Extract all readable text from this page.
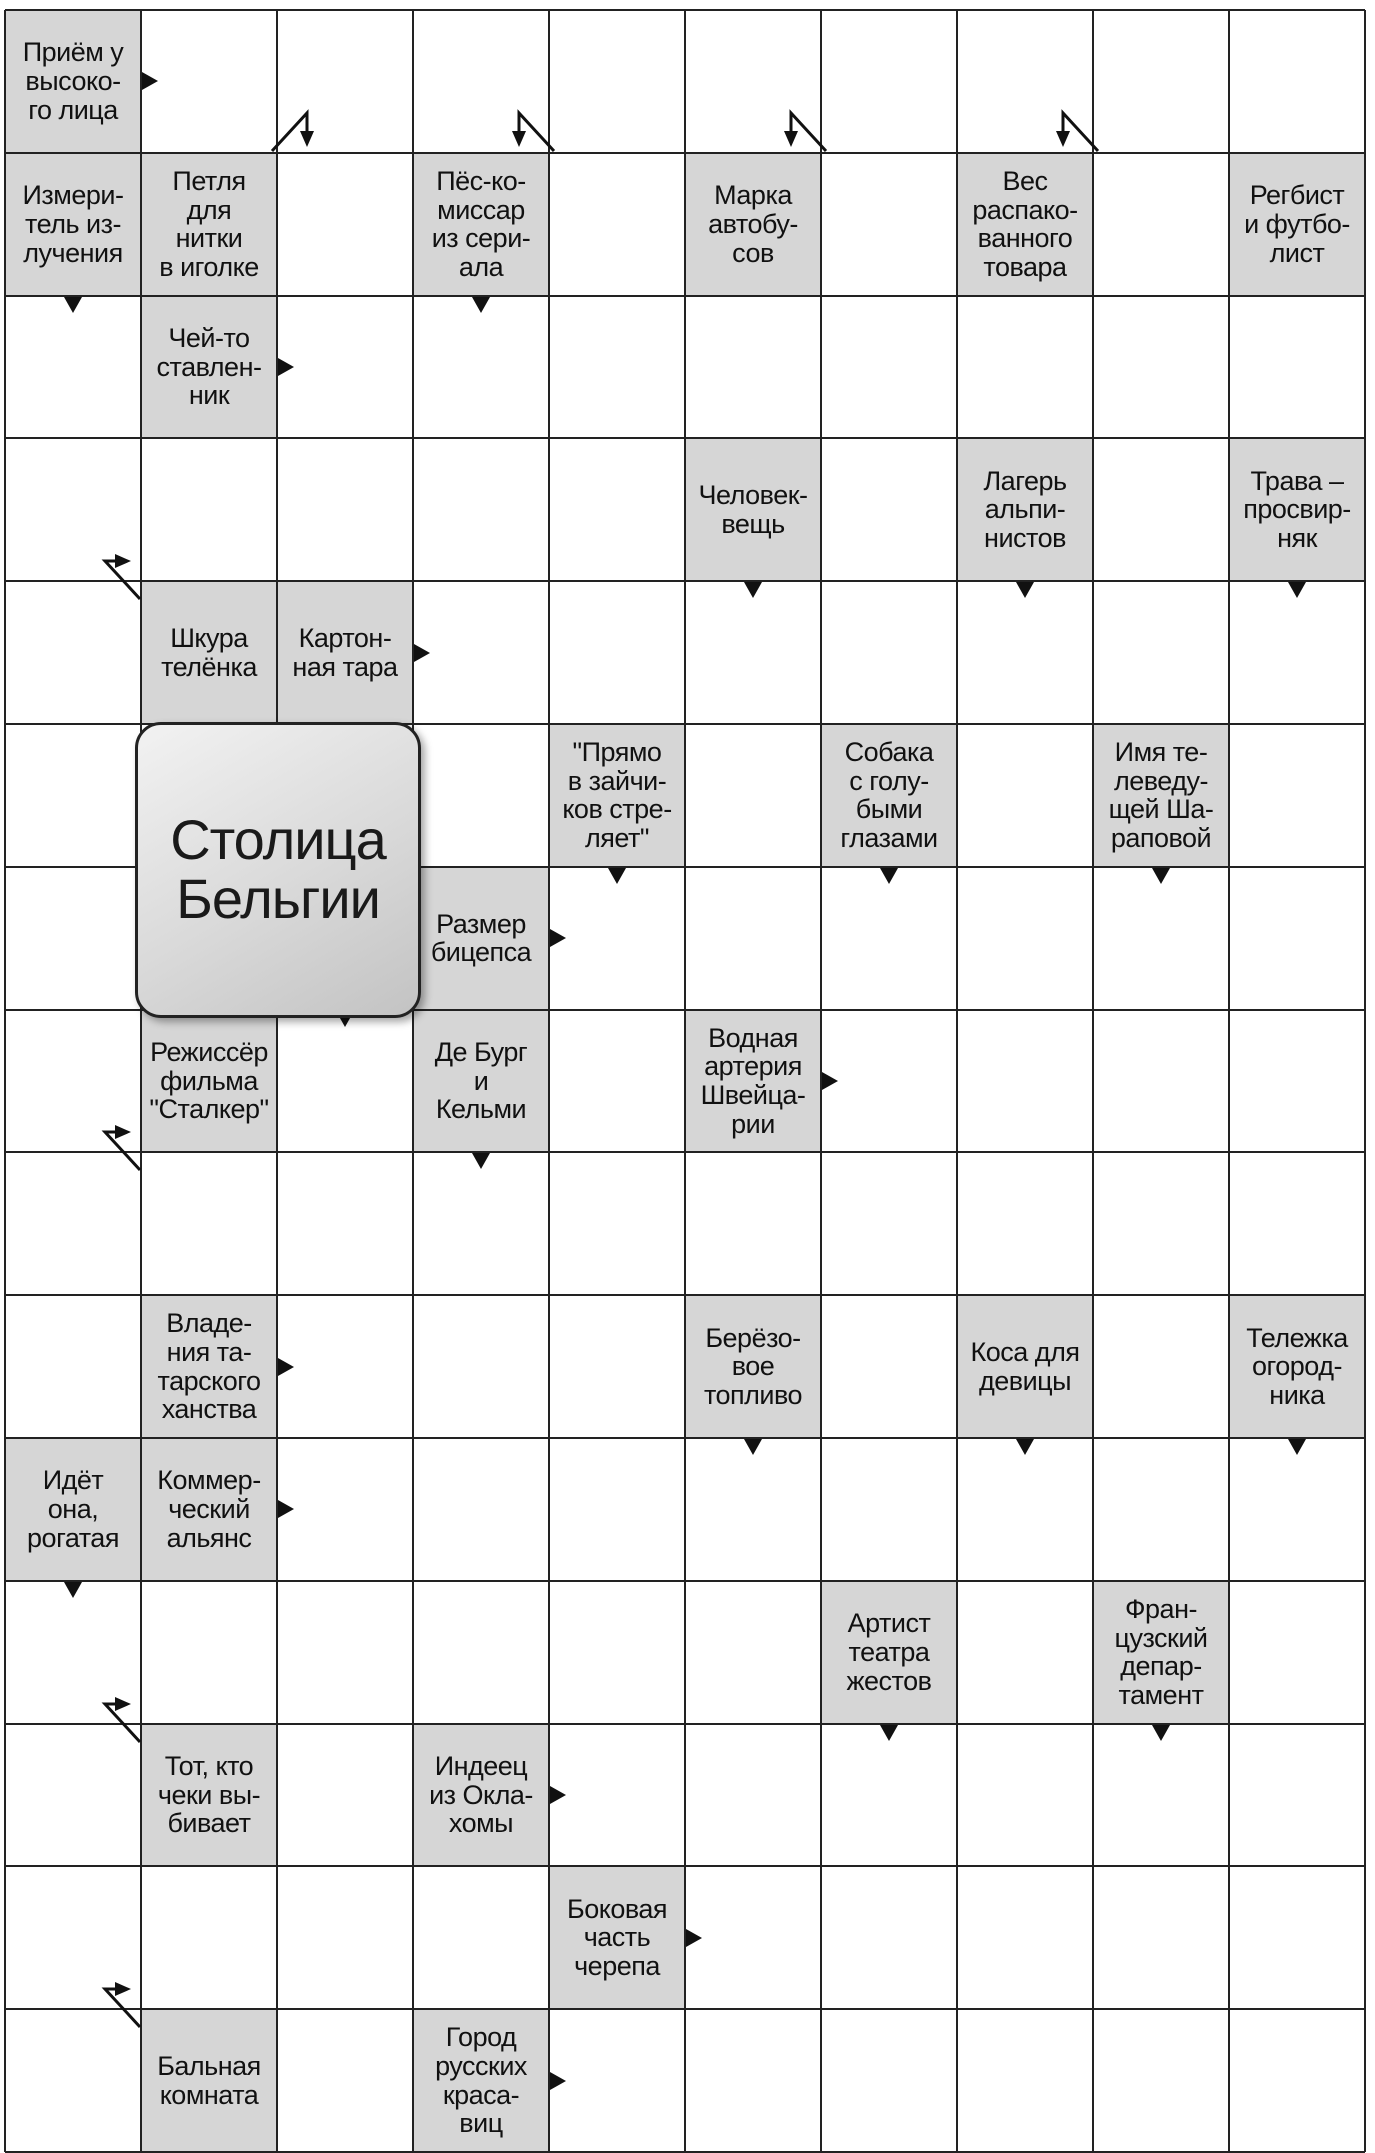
Приём у
высоко-
го лица
Измери-
тель из-
лучения
Петля
для
нитки
в иголке
Пёс-ко-
миссар
из сери-
ала
Марка
автобу-
сов
Вес
распако-
ванного
товара
Регбист
и футбо-
лист
Чей-то
ставлен-
ник
Человек-
вещь
Лагерь
альпи-
нистов
Трава –
просвир-
няк
Шкура
телёнка
Картон-
ная тара
"Прямо
в зайчи-
ков стре-
ляет"
Собака
с голу-
быми
глазами
Имя те-
леведу-
щей Ша-
раповой
Размер
бицепса
Режиссёр
фильма
"Сталкер"
Де Бург
и
Кельми
Водная
артерия
Швейца-
рии
Владе-
ния та-
тарского
ханства
Берёзо-
вое
топливо
Коса для
девицы
Тележка
огород-
ника
Идёт
она,
рогатая
Коммер-
ческий
альянс
Артист
театра
жестов
Фран-
цузский
депар-
тамент
Тот, кто
чеки вы-
бивает
Индеец
из Окла-
хомы
Боковая
часть
черепа
Бальная
комната
Город
русских
краса-
виц
Столица
Бельгии
